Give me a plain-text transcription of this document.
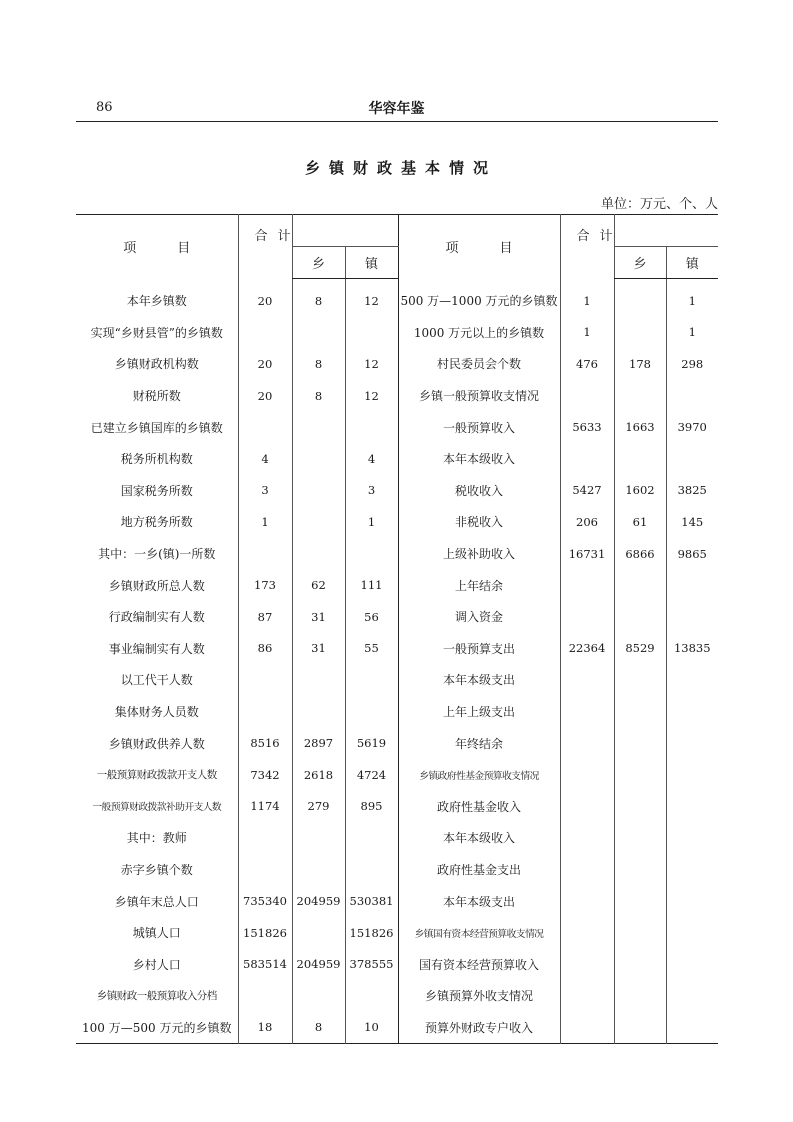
86	华容年鉴
乡镇财政基本情况
单位：万元、个、人
项　目	合计			项　目	合计		
		乡	镇			乡	镇
本年乡镇数	20	8	12	500 万—1000 万元的乡镇数	1		1
实现“乡财县管”的乡镇数				1000 万元以上的乡镇数	1		1
乡镇财政机构数	20	8	12	村民委员会个数	476	178	298
财税所数	20	8	12	乡镇一般预算收支情况			
已建立乡镇国库的乡镇数				一般预算收入	5633	1663	3970
税务所机构数	4		4	本年本级收入			
国家税务所数	3		3	税收收入	5427	1602	3825
地方税务所数	1		1	非税收入	206	61	145
其中：一乡(镇)一所数				上级补助收入	16731	6866	9865
乡镇财政所总人数	173	62	111	上年结余			
行政编制实有人数	87	31	56	调入资金			
事业编制实有人数	86	31	55	一般预算支出	22364	8529	13835
以工代干人数				本年本级支出			
集体财务人员数				上年上级支出			
乡镇财政供养人数	8516	2897	5619	年终结余			
一般预算财政拨款开支人数	7342	2618	4724	乡镇政府性基金预算收支情况			
一般预算财政拨款补助开支人数	1174	279	895	政府性基金收入			
其中：教师				本年本级收入			
赤字乡镇个数				政府性基金支出			
乡镇年末总人口	735340	204959	530381	本年本级支出			
城镇人口	151826		151826	乡镇国有资本经营预算收支情况			
乡村人口	583514	204959	378555	国有资本经营预算收入			
乡镇财政一般预算收入分档				乡镇预算外收支情况			
100 万—500 万元的乡镇数	18	8	10	预算外财政专户收入			
